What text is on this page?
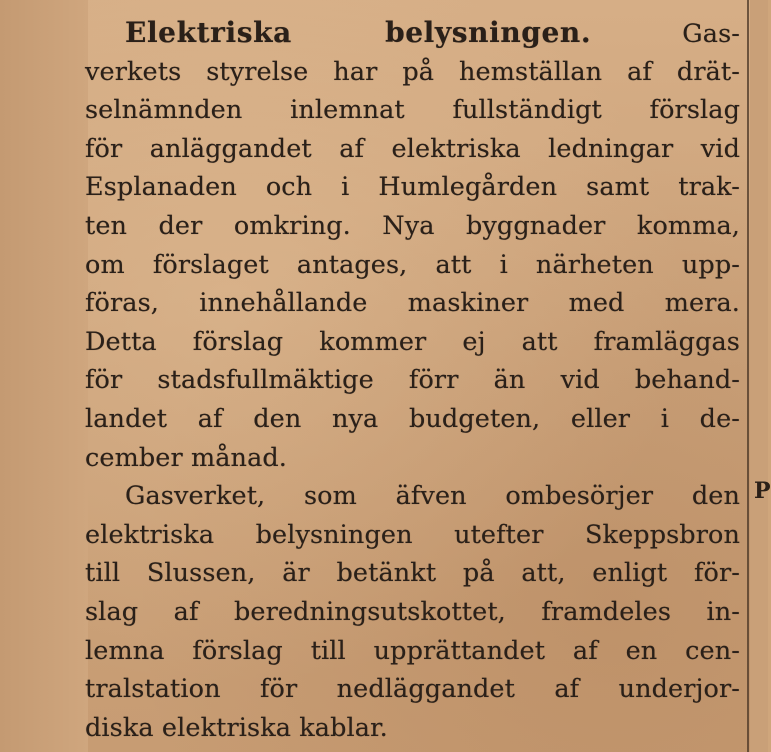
P
Elektriska belysningen.	Gas-
verkets styrelse har på hemställan af drät-
selnämnden inlemnat fullständigt förslag
för anläggandet af elektriska ledningar vid
Esplanaden och i Humlegården samt trak-
ten der omkring. Nya byggnader komma,
om förslaget antages, att i närheten upp-
föras, innehållande maskiner med mera.
Detta förslag kommer ej att framläggas
för stadsfullmäktige förr än vid behand-
landet af den nya budgeten, eller i de-
cember månad.
Gasverket, som äfven ombesörjer den
elektriska belysningen utefter Skeppsbron
till Slussen, är betänkt på att, enligt för-
slag af beredningsutskottet, framdeles in-
lemna förslag till upprättandet af en cen-
tralstation för nedläggandet af underjor-
diska elektriska kablar.
